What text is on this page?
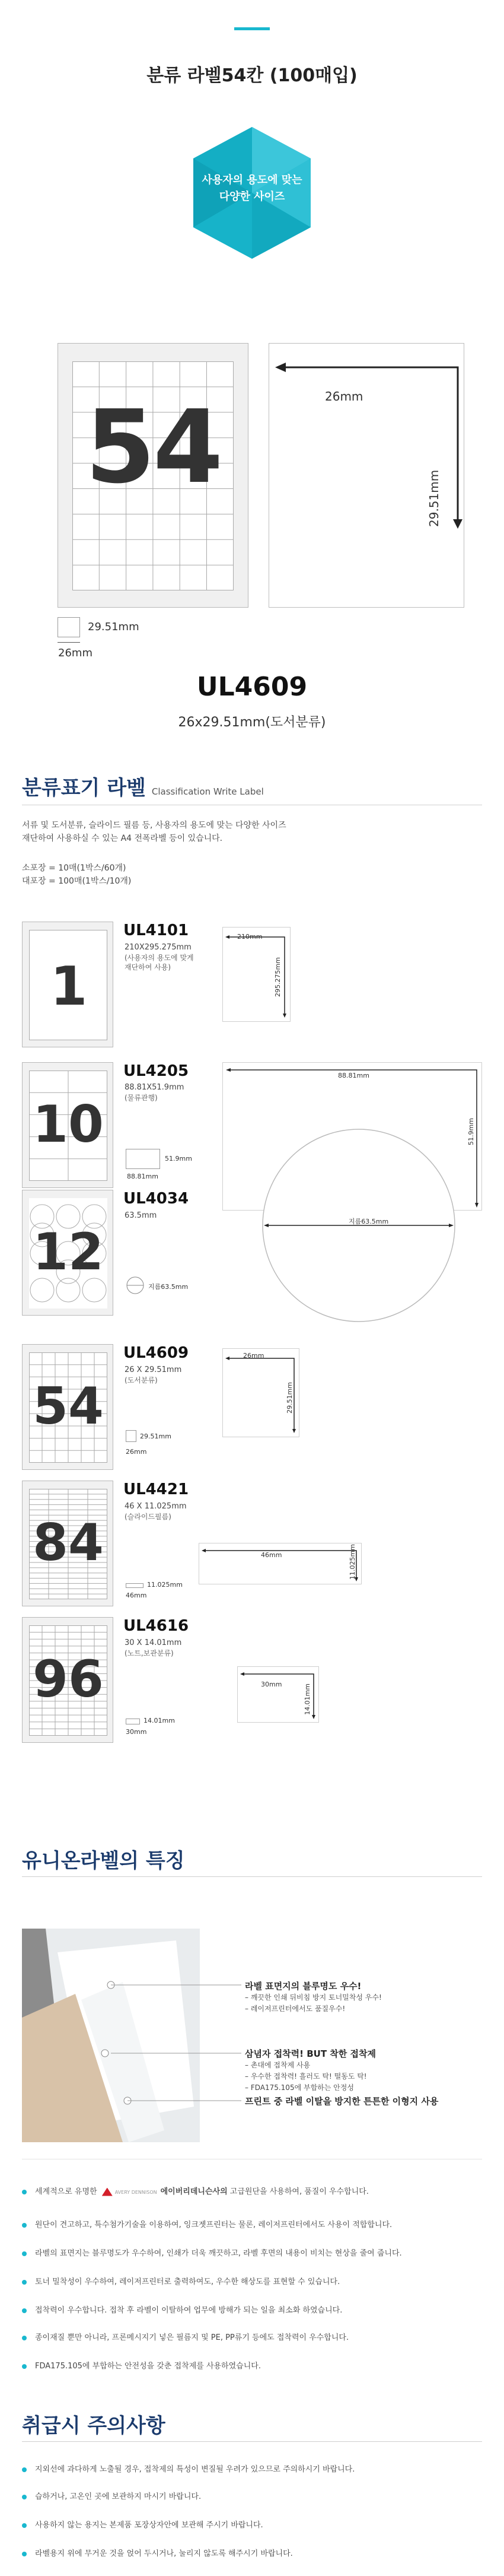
분류 라벨54칸 (100매입)
사용자의 용도에 맞는
다양한 사이즈
54
29.51mm
26mm
26mm
29.51mm
UL4609
26x29.51mm(도서분류)
분류표기 라벨 Classification Write Label
서류 및 도서분류, 슬라이드 필름 등, 사용자의 용도에 맞는 다양한 사이즈
재단하여 사용하실 수 있는 A4 전폭라벨 등이 있습니다.
소포장 = 10매(1박스/60개)
대포장 = 100매(1박스/10개)
1
UL4101
210X295.275mm
(사용자의 용도에 맞게
재단하여 사용)
210mm
295.275mm
10
UL4205
88.81X51.9mm
(물류관행)
51.9mm
88.81mm
88.81mm
51.9mm
12
UL4034
63.5mm
지름63.5mm
지름63.5mm
54
UL4609
26 X 29.51mm
(도서분류)
29.51mm
26mm
26mm
29.51mm
84
UL4421
46 X 11.025mm
(슬라이드필름)
11.025mm
46mm
46mm	11.025mm
96
UL4616
30 X 14.01mm
(노트,보관분류)
14.01mm
30mm
30mm	14.01mm
유니온라벨의 특징
라벨 표면지의 블루명도 우수!
– 깨끗한 인쇄 뒤비침 방지 토너밀착성 우수!
– 레이저프린터에서도 품질우수!
삼념자 접착력! BUT 착한 접착제
– 촌대에 접착제 사용
– 우수한 접착력! 흘러도 탁! 떨동도 탁!
– FDA175.105에 부합하는 안정성
프린트 중 라벨 이탈을 방지한 튼튼한 이형지 사용
세계적으로 유명한	AVERY DENNISON 에이버리데니슨사의 고급원단을 사용하여, 품질이 우수합니다.
원단이 견고하고, 특수첨가기술을 이용하여, 잉크젯프린터는 물론, 레이저프린터에서도 사용이 적합합니다.
라벨의 표면지는 블루명도가 우수하여, 인쇄가 더욱 깨끗하고, 라벨 후면의 내용이 비치는 현상을 줄여 줍니다.
토너 밀착성이 우수하여, 레이저프린터로 출력하여도, 우수한 해상도를 표현할 수 있습니다.
접착력이 우수합니다. 접착 후 라벨이 이탈하여 업무에 방해가 되는 일을 최소화 하였습니다.
종이재질 뿐만 아니라, 프론메시지기 넣은 필름지 및 PE, PP류기 등에도 접착력이 우수합니다.
FDA175.105에 부합하는 안전성을 갖춘 접착제를 사용하였습니다.
취급시 주의사항
지외선에 과다하게 노출될 경우, 접착제의 특성이 변질될 우려가 있으므로 주의하시기 바랍니다.
습하거나, 고온인 곳에 보관하지 마시기 바랍니다.
사용하지 않는 용지는 본제품 포장상자안에 보관해 주시기 바랍니다.
라벨용지 위에 무거운 것을 얹어 두시거나, 눌리지 않도록 해주시기 바랍니다.
